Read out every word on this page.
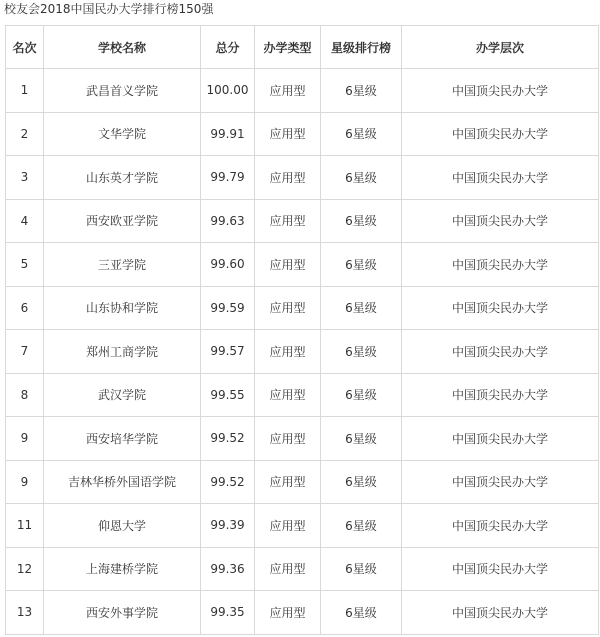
校友会2018中国民办大学排行榜150强
名次	学校名称	总分	办学类型	星级排行榜	办学层次
1	武昌首义学院	100.00	应用型	6星级	中国顶尖民办大学
2	文华学院	99.91	应用型	6星级	中国顶尖民办大学
3	山东英才学院	99.79	应用型	6星级	中国顶尖民办大学
4	西安欧亚学院	99.63	应用型	6星级	中国顶尖民办大学
5	三亚学院	99.60	应用型	6星级	中国顶尖民办大学
6	山东协和学院	99.59	应用型	6星级	中国顶尖民办大学
7	郑州工商学院	99.57	应用型	6星级	中国顶尖民办大学
8	武汉学院	99.55	应用型	6星级	中国顶尖民办大学
9	西安培华学院	99.52	应用型	6星级	中国顶尖民办大学
9	吉林华桥外国语学院	99.52	应用型	6星级	中国顶尖民办大学
11	仰恩大学	99.39	应用型	6星级	中国顶尖民办大学
12	上海建桥学院	99.36	应用型	6星级	中国顶尖民办大学
13	西安外事学院	99.35	应用型	6星级	中国顶尖民办大学
